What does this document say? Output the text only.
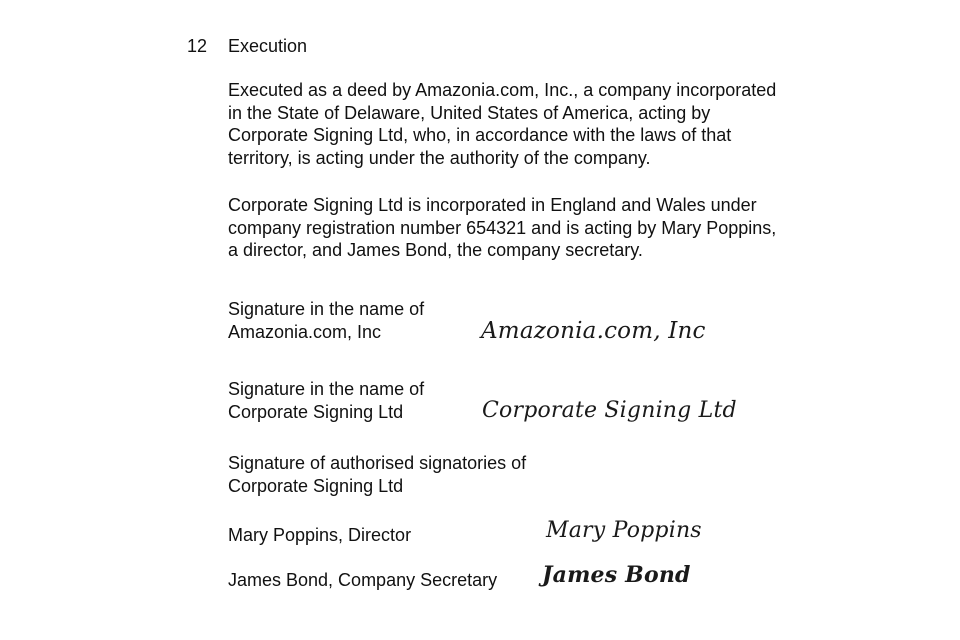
12 Execution

Executed as a deed by Amazonia.com, Inc., a company incorporated in the State of Delaware, United States of America, acting by Corporate Signing Ltd, who, in accordance with the laws of that territory, is acting under the authority of the company.

Corporate Signing Ltd is incorporated in England and Wales under company registration number 654321 and is acting by Mary Poppins, a director, and James Bond, the company secretary.

Signature in the name of
Amazonia.com, Inc	Amazonia.com, Inc
Signature in the name of
Corporate Signing Ltd	Corporate Signing Ltd
Signature of authorised signatories of
Corporate Signing Ltd
Mary Poppins, Director	Mary Poppins
James Bond, Company Secretary James Bond
